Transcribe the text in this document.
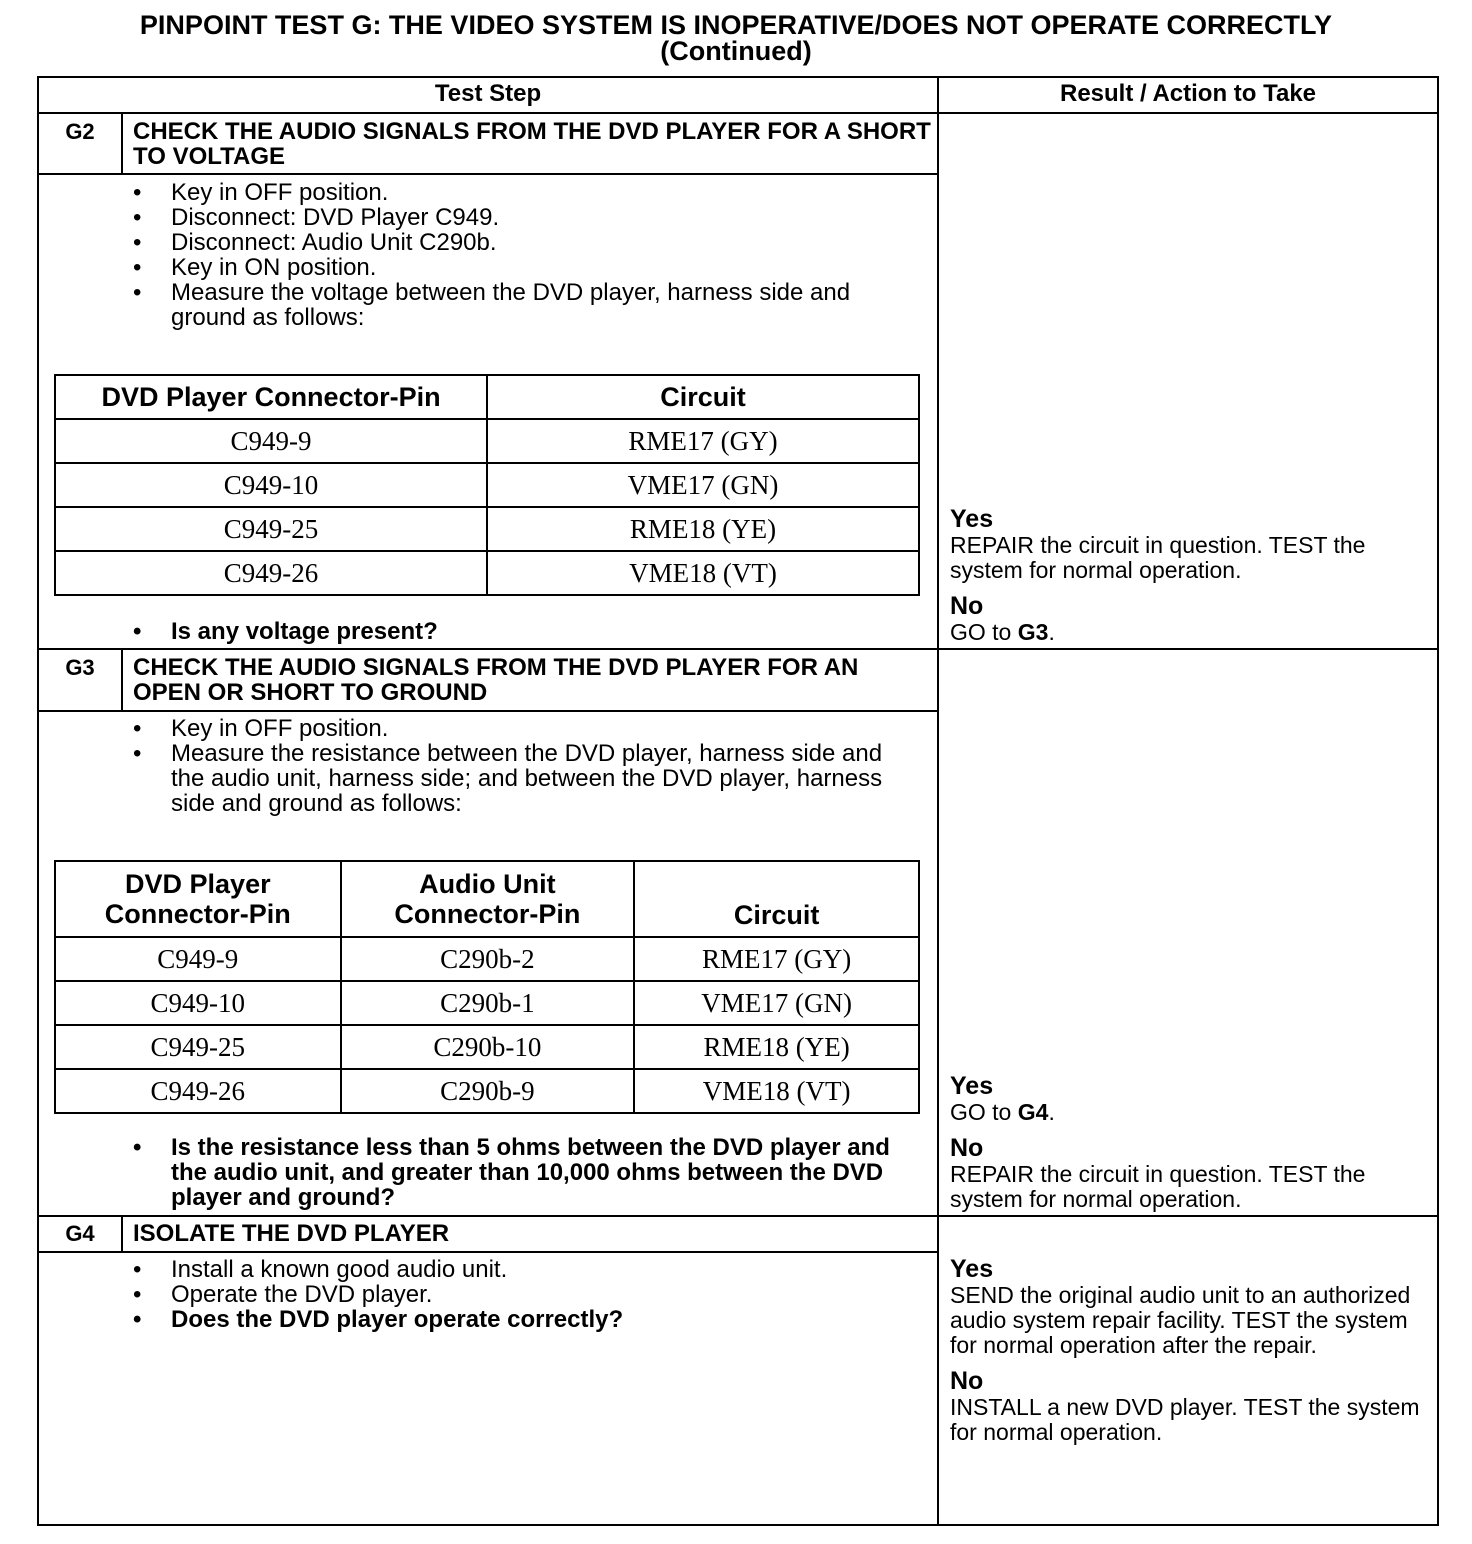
PINPOINT TEST G: THE VIDEO SYSTEM IS INOPERATIVE/DOES NOT OPERATE CORRECTLY
(Continued)
Test Step	Result / Action to Take
G2	CHECK THE AUDIO SIGNALS FROM THE DVD PLAYER FOR A SHORT TO VOLTAGE
• Key in OFF position.
• Disconnect: DVD Player C949.
• Disconnect: Audio Unit C290b.
• Key in ON position.
• Measure the voltage between the DVD player, harness side and ground as follows:
DVD Player Connector-Pin	Circuit
C949-9	RME17 (GY)
C949-10	VME17 (GN)
C949-25	RME18 (YE)
C949-26	VME18 (VT)
• Is any voltage present?
Yes
REPAIR the circuit in question. TEST the system for normal operation.
No
GO to G3.
G3	CHECK THE AUDIO SIGNALS FROM THE DVD PLAYER FOR AN OPEN OR SHORT TO GROUND
• Key in OFF position.
• Measure the resistance between the DVD player, harness side and the audio unit, harness side; and between the DVD player, harness side and ground as follows:
DVD Player Connector-Pin	Audio Unit Connector-Pin	Circuit
C949-9	C290b-2	RME17 (GY)
C949-10	C290b-1	VME17 (GN)
C949-25	C290b-10	RME18 (YE)
C949-26	C290b-9	VME18 (VT)
• Is the resistance less than 5 ohms between the DVD player and the audio unit, and greater than 10,000 ohms between the DVD player and ground?
Yes
GO to G4.
No
REPAIR the circuit in question. TEST the system for normal operation.
G4	ISOLATE THE DVD PLAYER
• Install a known good audio unit.
• Operate the DVD player.
• Does the DVD player operate correctly?
Yes
SEND the original audio unit to an authorized audio system repair facility. TEST the system for normal operation after the repair.
No
INSTALL a new DVD player. TEST the system for normal operation.
